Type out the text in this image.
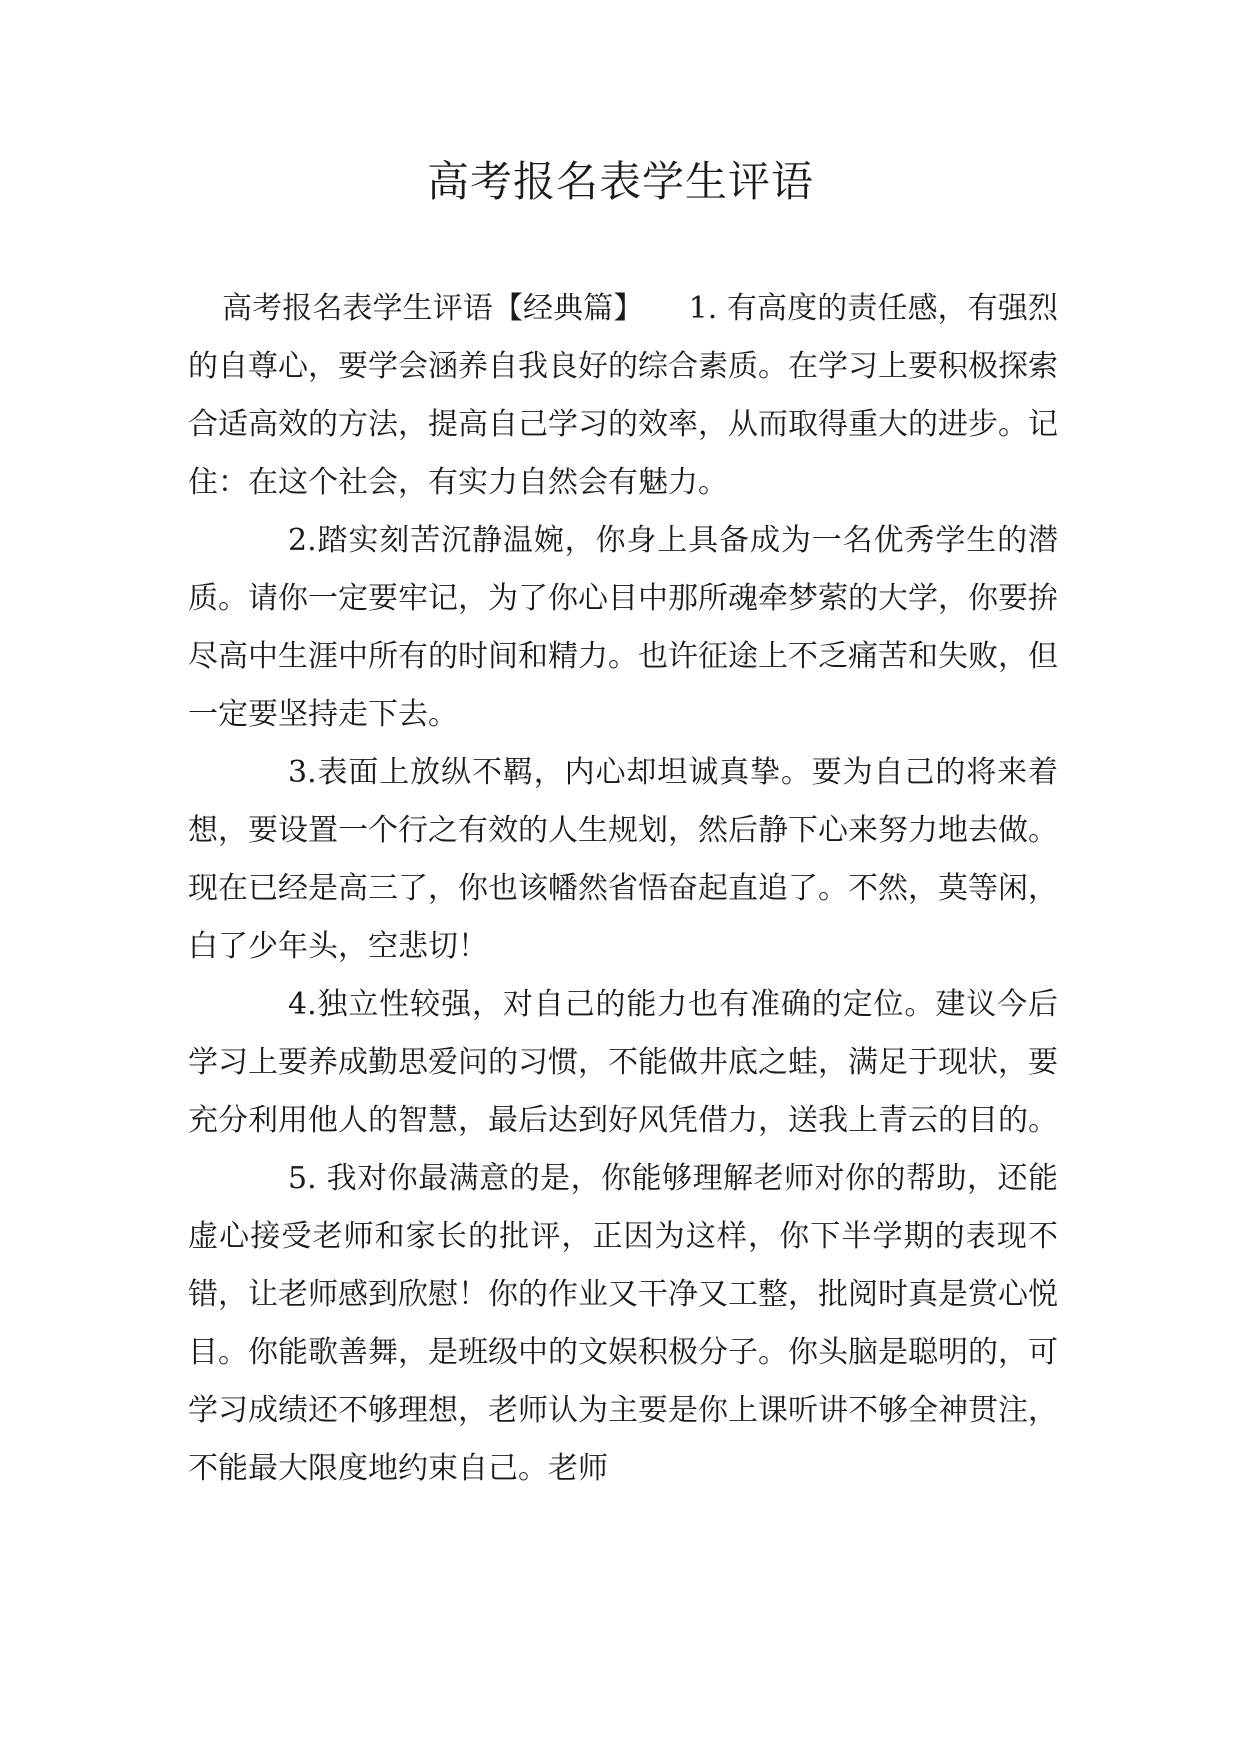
高考报名表学生评语

高考报名表学生评语【经典篇】　　1. 有高度的责任感，有强烈的自尊心，要学会涵养自我良好的综合素质。在学习上要积极探索合适高效的方法，提高自己学习的效率，从而取得重大的进步。记住：在这个社会，有实力自然会有魅力。

2.踏实刻苦沉静温婉，你身上具备成为一名优秀学生的潜质。请你一定要牢记，为了你心目中那所魂牵梦萦的大学，你要拚尽高中生涯中所有的时间和精力。也许征途上不乏痛苦和失败，但一定要坚持走下去。

3.表面上放纵不羁，内心却坦诚真挚。要为自己的将来着想，要设置一个行之有效的人生规划，然后静下心来努力地去做。现在已经是高三了，你也该幡然省悟奋起直追了。不然，莫等闲，白了少年头，空悲切！

4.独立性较强，对自己的能力也有准确的定位。建议今后学习上要养成勤思爱问的习惯，不能做井底之蛙，满足于现状，要充分利用他人的智慧，最后达到好风凭借力，送我上青云的目的。

5. 我对你最满意的是，你能够理解老师对你的帮助，还能虚心接受老师和家长的批评，正因为这样，你下半学期的表现不错，让老师感到欣慰！你的作业又干净又工整，批阅时真是赏心悦目。你能歌善舞，是班级中的文娱积极分子。你头脑是聪明的，可学习成绩还不够理想，老师认为主要是你上课听讲不够全神贯注，不能最大限度地约束自己。老师
